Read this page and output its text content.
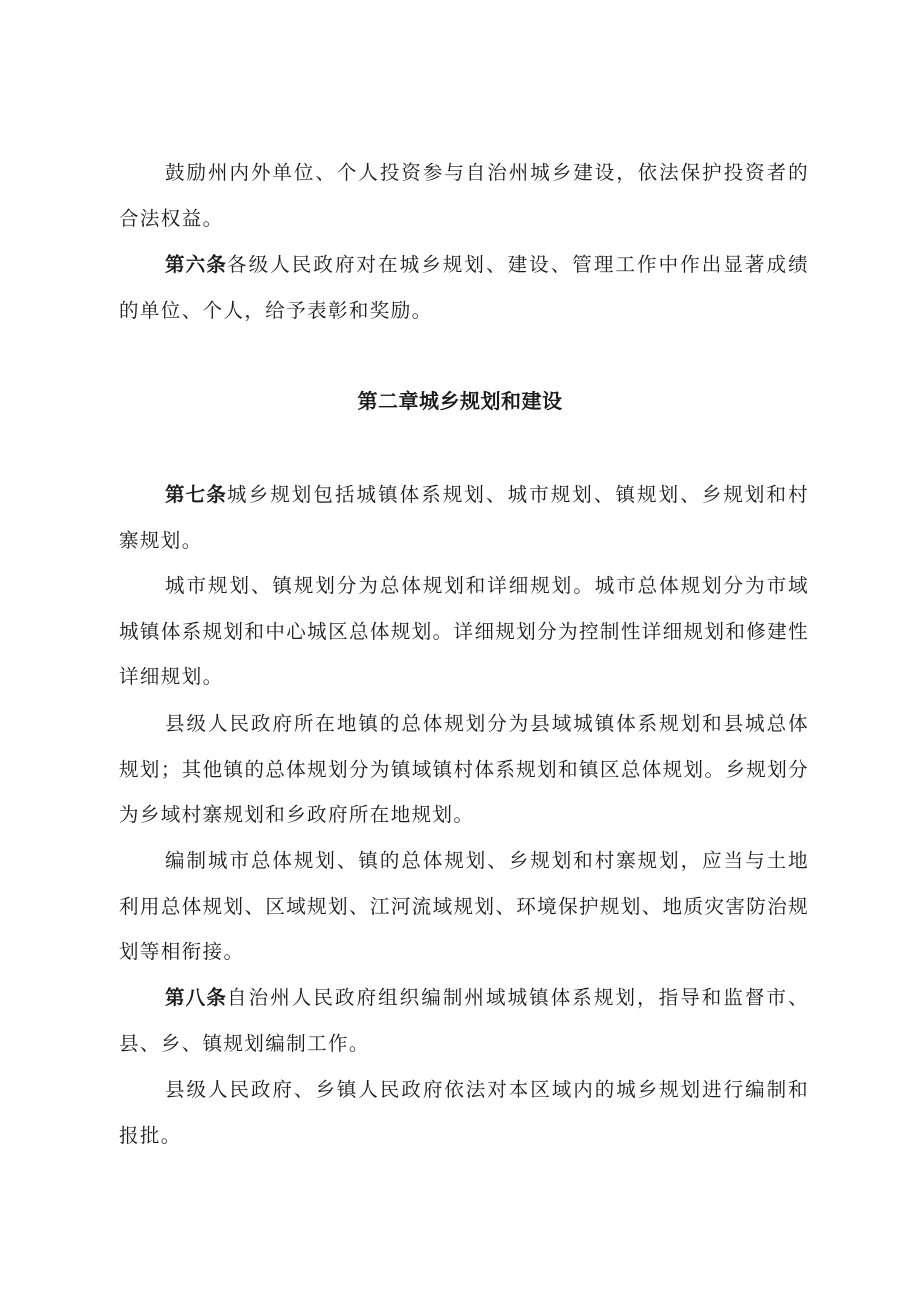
鼓励州内外单位、个人投资参与自治州城乡建设，依法保护投资者的合法权益。

第六条各级人民政府对在城乡规划、建设、管理工作中作出显著成绩的单位、个人，给予表彰和奖励。

第二章城乡规划和建设

第七条城乡规划包括城镇体系规划、城市规划、镇规划、乡规划和村寨规划。

城市规划、镇规划分为总体规划和详细规划。城市总体规划分为市域城镇体系规划和中心城区总体规划。详细规划分为控制性详细规划和修建性详细规划。

县级人民政府所在地镇的总体规划分为县域城镇体系规划和县城总体规划；其他镇的总体规划分为镇域镇村体系规划和镇区总体规划。乡规划分为乡域村寨规划和乡政府所在地规划。

编制城市总体规划、镇的总体规划、乡规划和村寨规划，应当与土地利用总体规划、区域规划、江河流域规划、环境保护规划、地质灾害防治规划等相衔接。

第八条自治州人民政府组织编制州域城镇体系规划，指导和监督市、县、乡、镇规划编制工作。

县级人民政府、乡镇人民政府依法对本区域内的城乡规划进行编制和报批。
